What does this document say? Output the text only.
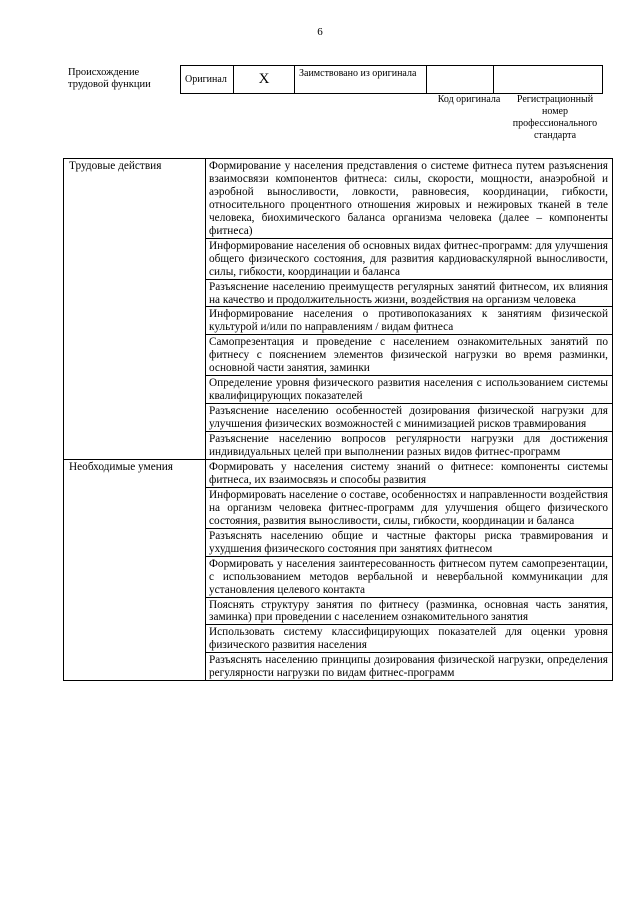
6
Происхождение трудовой функции	Оригинал	X	Заимствовано из оригинала		
Код оригинала	Регистрационный номер профессионального стандарта
Трудовые действия	Формирование у населения представления о системе фитнеса путем разъяснения взаимосвязи компонентов фитнеса: силы, скорости, мощности, анаэробной и аэробной выносливости, ловкости, равновесия, координации, гибкости, относительного процентного отношения жировых и нежировых тканей в теле человека, биохимического баланса организма человека (далее – компоненты фитнеса)
	Информирование населения об основных видах фитнес-программ: для улучшения общего физического состояния, для развития кардиоваскулярной выносливости, силы, гибкости, координации и баланса
	Разъяснение населению преимуществ регулярных занятий фитнесом, их влияния на качество и продолжительность жизни, воздействия на организм человека
	Информирование населения о противопоказаниях к занятиям физической культурой и/или по направлениям / видам фитнеса
	Самопрезентация и проведение с населением ознакомительных занятий по фитнесу с пояснением элементов физической нагрузки во время разминки, основной части занятия, заминки
	Определение уровня физического развития населения с использованием системы квалифицирующих показателей
	Разъяснение населению особенностей дозирования физической нагрузки для улучшения физических возможностей с минимизацией рисков травмирования
	Разъяснение населению вопросов регулярности нагрузки для достижения индивидуальных целей при выполнении разных видов фитнес-программ
Необходимые умения	Формировать у населения систему знаний о фитнесе: компоненты системы фитнеса, их взаимосвязь и способы развития
	Информировать население о составе, особенностях и направленности воздействия на организм человека фитнес-программ для улучшения общего физического состояния, развития выносливости, силы, гибкости, координации и баланса
	Разъяснять населению общие и частные факторы риска травмирования и ухудшения физического состояния при занятиях фитнесом
	Формировать у населения заинтересованность фитнесом путем самопрезентации, с использованием методов вербальной и невербальной коммуникации для установления целевого контакта
	Пояснять структуру занятия по фитнесу (разминка, основная часть занятия, заминка) при проведении с населением ознакомительного занятия
	Использовать систему классифицирующих показателей для оценки уровня физического развития населения
	Разъяснять населению принципы дозирования физической нагрузки, определения регулярности нагрузки по видам фитнес-программ
